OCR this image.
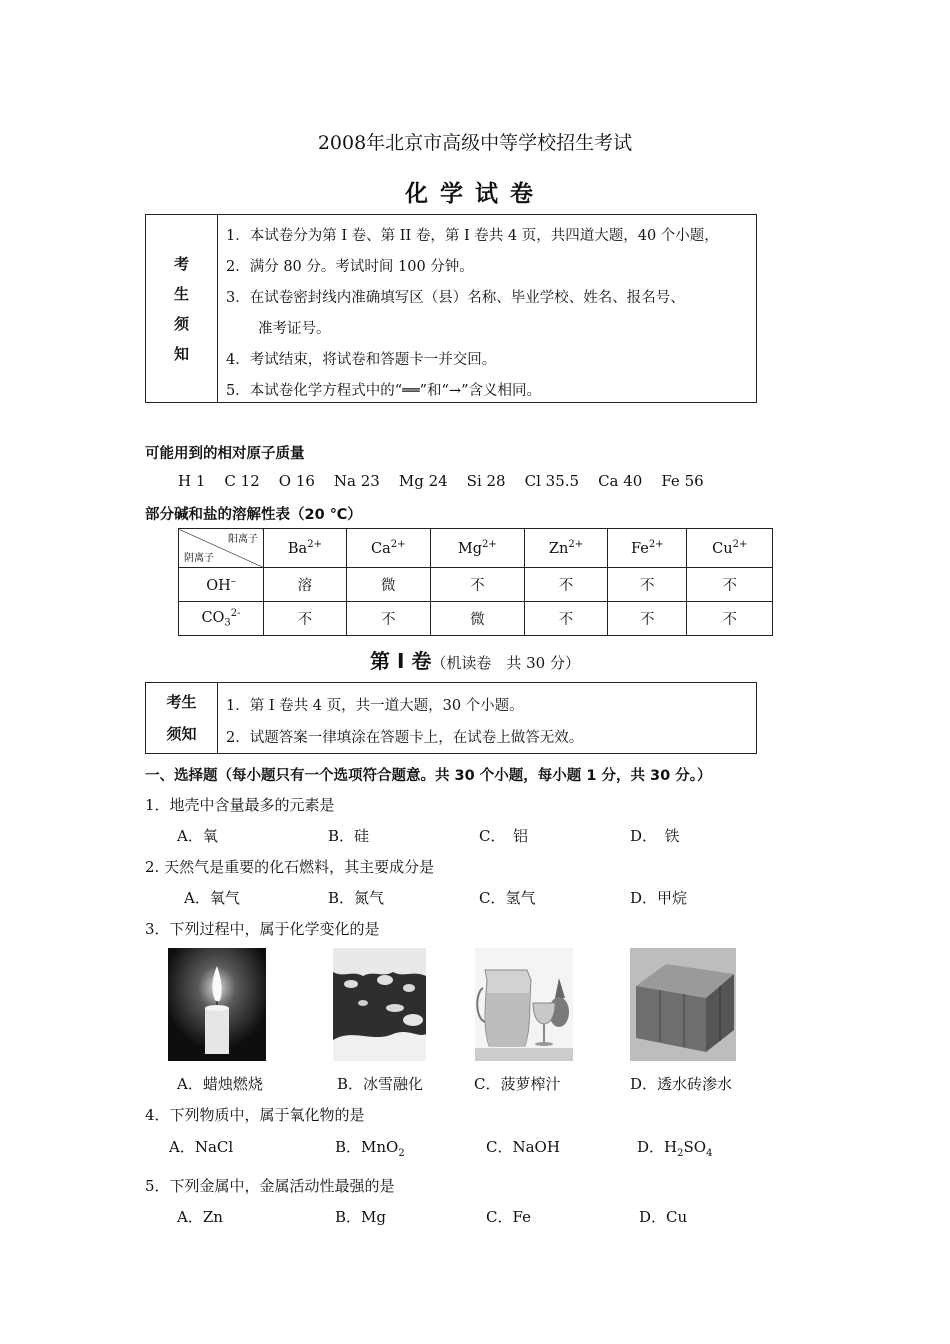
2008年北京市高级中等学校招生考试
化学试卷
考
生
须
知
1．本试卷分为第 I 卷、第 II 卷，第 I 卷共 4 页，共四道大题，40 个小题，
2．满分 80 分。考试时间 100 分钟。
3．在试卷密封线内准确填写区（县）名称、毕业学校、姓名、报名号、
准考证号。
4．考试结束，将试卷和答题卡一并交回。
5．本试卷化学方程式中的“══”和“→”含义相同。
可能用到的相对原子质量
H 1 C 12 O 16 Na 23 Mg 24 Si 28 Cl 35.5 Ca 40 Fe 56
部分碱和盐的溶解性表（20 ℃）
阳离子
阴离子	$Ba^{2+}$	$Ca^{2+}$	$Mg^{2+}$	$Zn^{2+}$	$Fe^{2+}$	$Cu^{2+}$
OH–	溶	微	不	不	不	不
$CO_3^{2-}$	不	不	微	不	不	不
第 I 卷（机读卷　共 30 分）
考生
须知
1．第 I 卷共 4 页，共一道大题，30 个小题。
2．试题答案一律填涂在答题卡上，在试卷上做答无效。
一、选择题（每小题只有一个选项符合题意。共 30 个小题，每小题 1 分，共 30 分。）
1．地壳中含量最多的元素是
A．氧	B．硅	C．　铝	D．　铁
2. 天然气是重要的化石燃料，其主要成分是
A．氧气	B．氮气	C．氢气	D．甲烷
3．下列过程中，属于化学变化的是
A．蜡烛燃烧	B．冰雪融化	C．菠萝榨汁	D．透水砖渗水
4．下列物质中，属于氧化物的是
A．NaCl	B．MnO$_2$	C．NaOH	D．$H_2SO_4$
5．下列金属中，金属活动性最强的是
A．Zn	B．Mg	C．Fe	D．Cu
